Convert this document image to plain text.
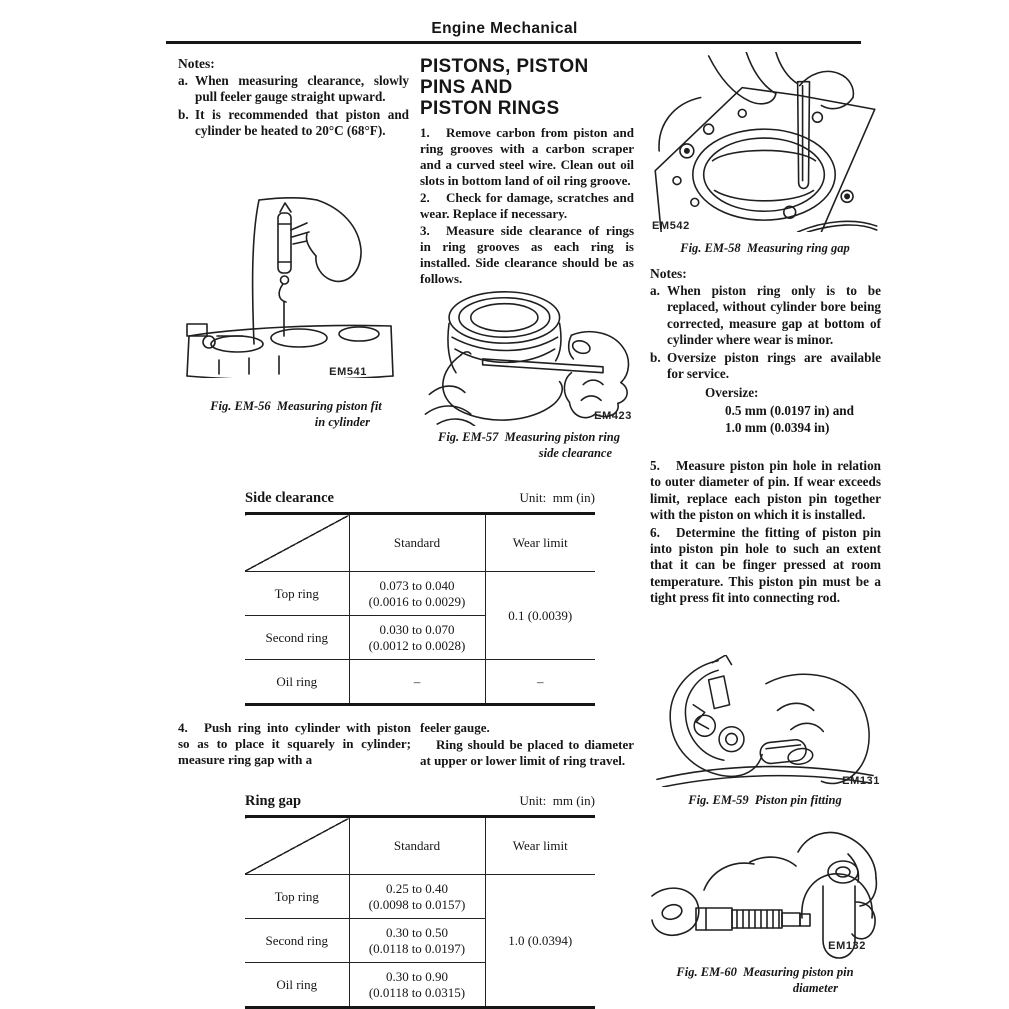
Engine Mechanical

Notes:

a. When measuring clearance, slowly pull feeler gauge straight upward.

b. It is recommended that piston and cylinder be heated to 20°C (68°F).

EM541
Fig. EM-56 Measuring piston fit
in cylinder
PISTONS, PISTON
PINS AND
PISTON RINGS

1. Remove carbon from piston and ring grooves with a carbon scraper and a curved steel wire. Clean out oil slots in bottom land of oil ring groove.

2. Check for damage, scratches and wear. Replace if necessary.

3. Measure side clearance of rings in ring grooves as each ring is installed. Side clearance should be as follows.

EM423
Fig. EM-57 Measuring piston ring
side clearance
Side clearance	Unit: mm (in)
	Standard	Wear limit
Top ring	0.073 to 0.040
(0.0016 to 0.0029)	0.1 (0.0039)
Second ring	0.030 to 0.070
(0.0012 to 0.0028)	

Oil ring	–	–

4. Push ring into cylinder with piston so as to place it squarely in cylinder; measure ring gap with a

feeler gauge.

Ring should be placed to diameter at upper or lower limit of ring travel.

Ring gap	Unit: mm (in)
	Standard	Wear limit
Top ring	0.25 to 0.40
(0.0098 to 0.0157)	1.0 (0.0394)
Second ring	0.30 to 0.50
(0.0118 to 0.0197)	

Oil ring	0.30 to 0.90
(0.0118 to 0.0315)	
EM542
Fig. EM-58 Measuring ring gap

Notes:

a. When piston ring only is to be replaced, without cylinder bore being corrected, measure gap at bottom of cylinder where wear is minor.

b. Oversize piston rings are available for service.

Oversize:

0.5 mm (0.0197 in) and

1.0 mm (0.0394 in)

5. Measure piston pin hole in relation to outer diameter of pin. If wear exceeds limit, replace each piston pin together with the piston on which it is installed.

6. Determine the fitting of piston pin into piston pin hole to such an extent that it can be finger pressed at room temperature. This piston pin must be a tight press fit into connecting rod.

EM131
Fig. EM-59 Piston pin fitting
EM132
Fig. EM-60 Measuring piston pin
diameter
